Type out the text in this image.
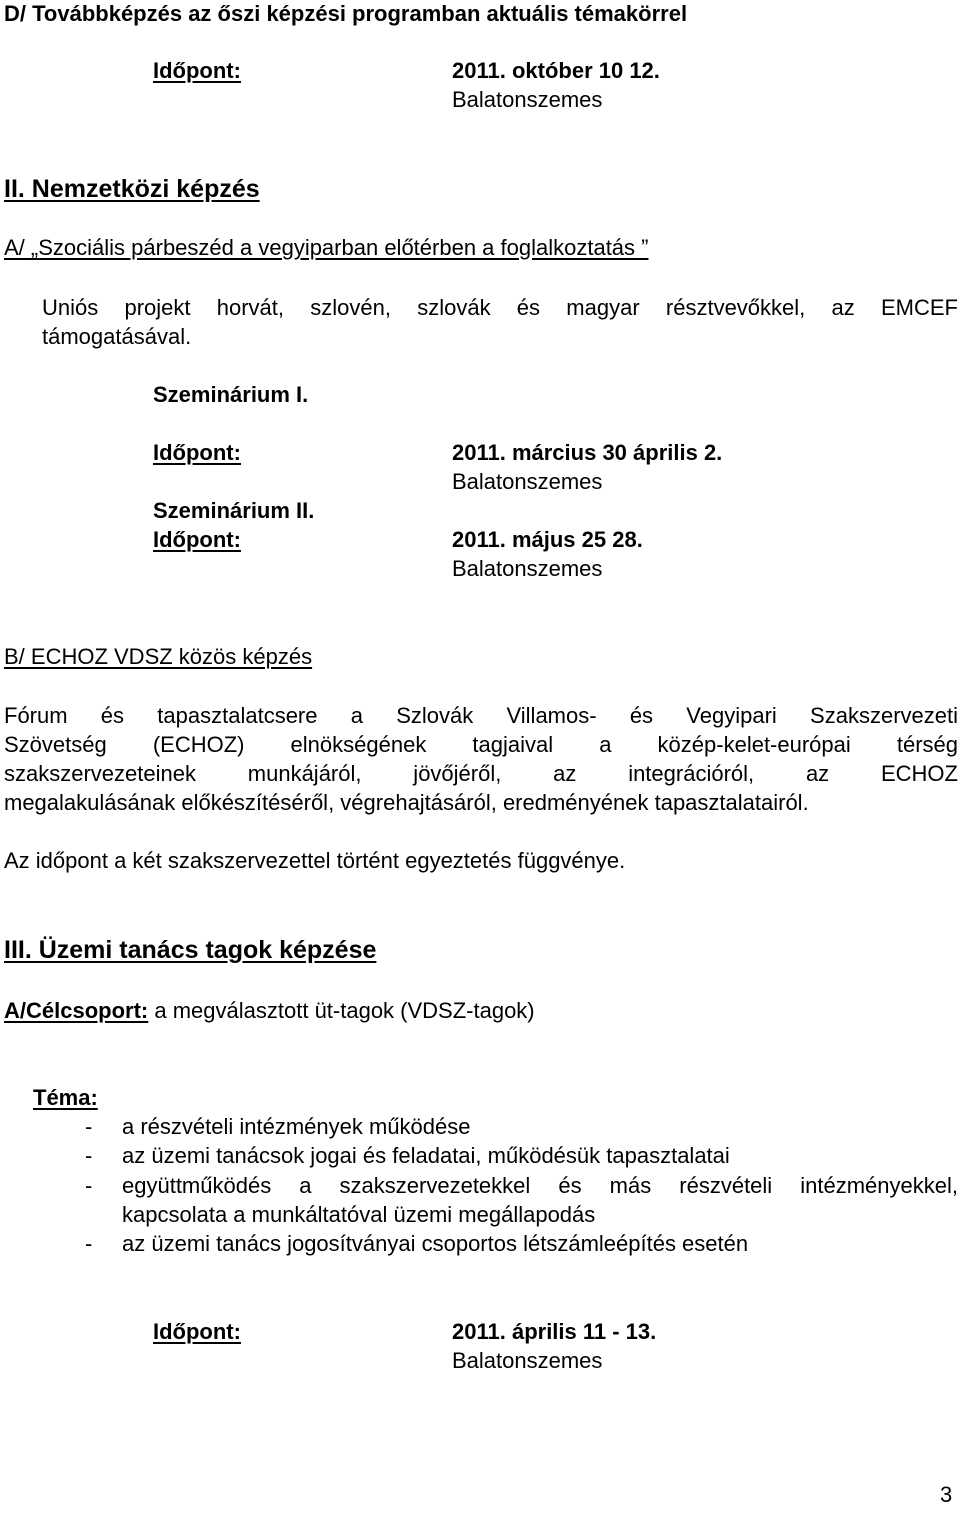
D/ Továbbképzés az őszi képzési programban aktuális témakörrel
Időpont:	2011. október 10 12.
Balatonszemes
II. Nemzetközi képzés
A/ „Szociális párbeszéd a vegyiparban előtérben a foglalkoztatás ”
Uniós projekt horvát, szlovén, szlovák és magyar résztvevőkkel, az EMCEF
támogatásával.
Szeminárium I.
Időpont:	2011. március 30 április 2.
Balatonszemes
Szeminárium II.
Időpont:	2011. május 25 28.
Balatonszemes
B/ ECHOZ VDSZ közös képzés
Fórum és tapasztalatcsere a Szlovák Villamos- és Vegyipari Szakszervezeti
Szövetség (ECHOZ) elnökségének tagjaival a közép-kelet-európai térség
szakszervezeteinek munkájáról, jövőjéről, az integrációról, az ECHOZ
megalakulásának előkészítéséről, végrehajtásáról, eredményének tapasztalatairól.
Az időpont a két szakszervezettel történt egyeztetés függvénye.
III. Üzemi tanács tagok képzése
A/Célcsoport: a megválasztott üt-tagok (VDSZ-tagok)
Téma:
- a részvételi intézmények működése
- az üzemi tanácsok jogai és feladatai, működésük tapasztalatai
- együttműködés a szakszervezetekkel és más részvételi intézményekkel,
kapcsolata a munkáltatóval üzemi megállapodás
- az üzemi tanács jogosítványai csoportos létszámleépítés esetén
Időpont:	2011. április 11 - 13.
Balatonszemes
3
